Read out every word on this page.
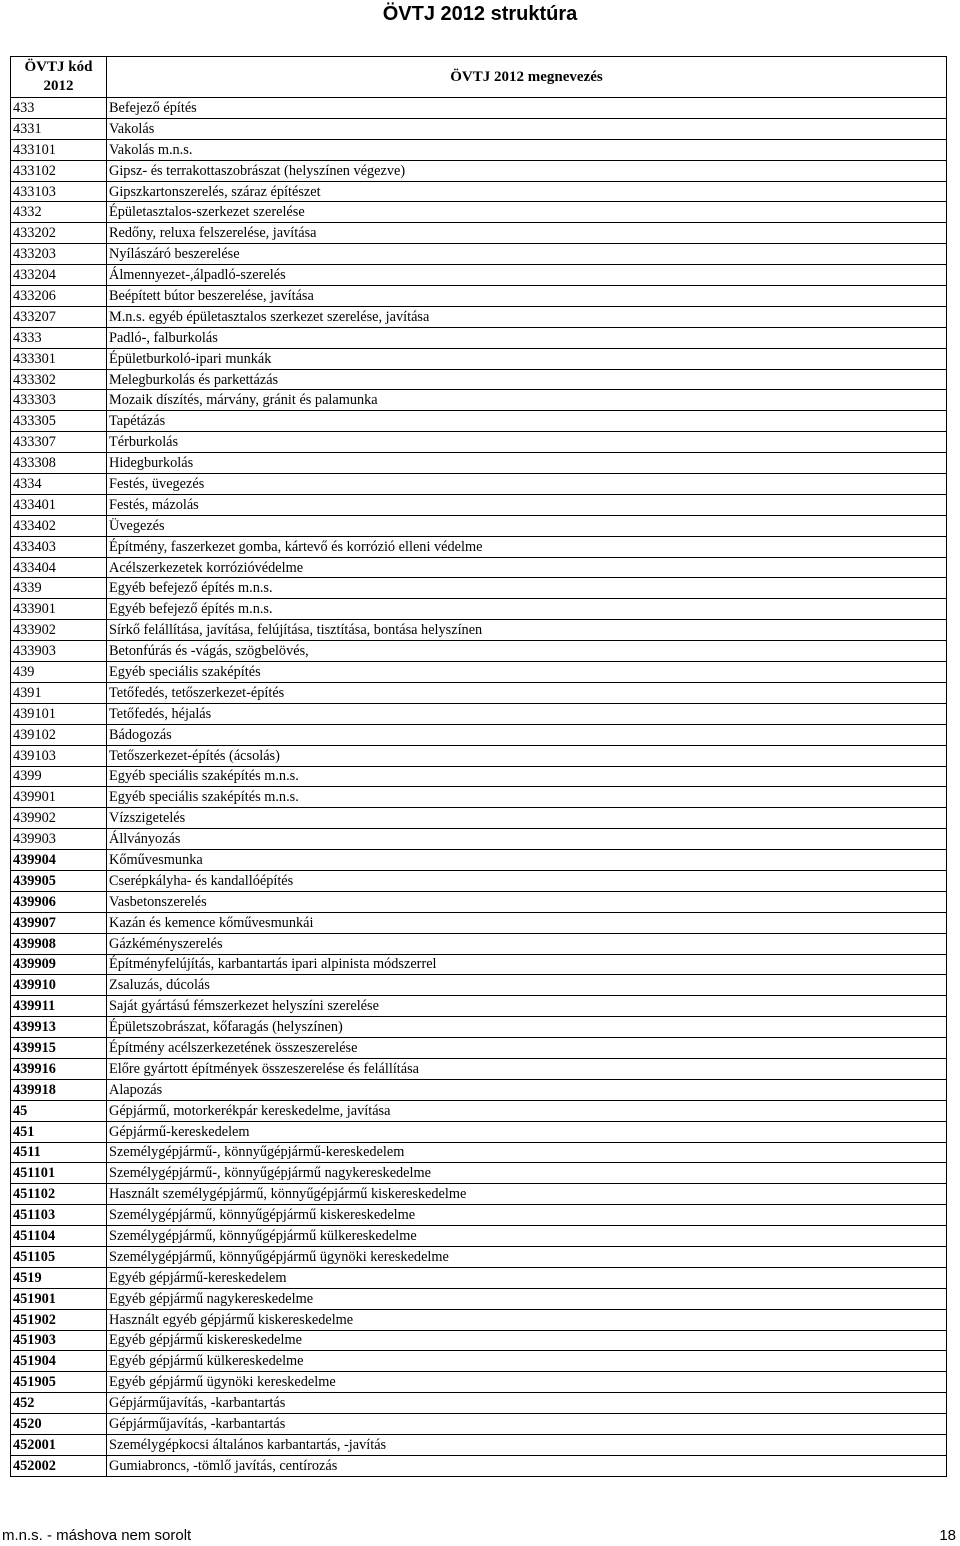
ÖVTJ 2012 struktúra
ÖVTJ kód
2012	ÖVTJ 2012 megnevezés
433	Befejező építés
4331	Vakolás
433101	Vakolás m.n.s.
433102	Gipsz- és terrakottaszobrászat (helyszínen végezve)
433103	Gipszkartonszerelés, száraz építészet
4332	Épületasztalos-szerkezet szerelése
433202	Redőny, reluxa felszerelése, javítása
433203	Nyílászáró beszerelése
433204	Álmennyezet-,álpadló-szerelés
433206	Beépített bútor beszerelése, javítása
433207	M.n.s. egyéb épületasztalos szerkezet szerelése, javítása
4333	Padló-, falburkolás
433301	Épületburkoló-ipari munkák
433302	Melegburkolás és parkettázás
433303	Mozaik díszítés, márvány, gránit és palamunka
433305	Tapétázás
433307	Térburkolás
433308	Hidegburkolás
4334	Festés, üvegezés
433401	Festés, mázolás
433402	Üvegezés
433403	Építmény, faszerkezet gomba, kártevő és korrózió elleni védelme
433404	Acélszerkezetek korrózióvédelme
4339	Egyéb befejező építés m.n.s.
433901	Egyéb befejező építés m.n.s.
433902	Sírkő felállítása, javítása, felújítása, tisztítása, bontása helyszínen
433903	Betonfúrás és -vágás, szögbelövés,
439	Egyéb speciális szaképítés
4391	Tetőfedés, tetőszerkezet-építés
439101	Tetőfedés, héjalás
439102	Bádogozás
439103	Tetőszerkezet-építés (ácsolás)
4399	Egyéb speciális szaképítés m.n.s.
439901	Egyéb speciális szaképítés m.n.s.
439902	Vízszigetelés
439903	Állványozás
439904	Kőművesmunka
439905	Cserépkályha- és kandallóépítés
439906	Vasbetonszerelés
439907	Kazán és kemence kőművesmunkái
439908	Gázkéményszerelés
439909	Építményfelújítás, karbantartás ipari alpinista módszerrel
439910	Zsaluzás, dúcolás
439911	Saját gyártású fémszerkezet helyszíni szerelése
439913	Épületszobrászat, kőfaragás (helyszínen)
439915	Építmény acélszerkezetének összeszerelése
439916	Előre gyártott építmények összeszerelése és felállítása
439918	Alapozás
45	Gépjármű, motorkerékpár kereskedelme, javítása
451	Gépjármű-kereskedelem
4511	Személygépjármű-, könnyűgépjármű-kereskedelem
451101	Személygépjármű-, könnyűgépjármű nagykereskedelme
451102	Használt személygépjármű, könnyűgépjármű kiskereskedelme
451103	Személygépjármű, könnyűgépjármű kiskereskedelme
451104	Személygépjármű, könnyűgépjármű külkereskedelme
451105	Személygépjármű, könnyűgépjármű ügynöki kereskedelme
4519	Egyéb gépjármű-kereskedelem
451901	Egyéb gépjármű nagykereskedelme
451902	Használt egyéb gépjármű kiskereskedelme
451903	Egyéb gépjármű kiskereskedelme
451904	Egyéb gépjármű külkereskedelme
451905	Egyéb gépjármű ügynöki kereskedelme
452	Gépjárműjavítás, -karbantartás
4520	Gépjárműjavítás, -karbantartás
452001	Személygépkocsi általános karbantartás, -javítás
452002	Gumiabroncs, -tömlő javítás, centírozás
m.n.s. - máshova nem sorolt	18
